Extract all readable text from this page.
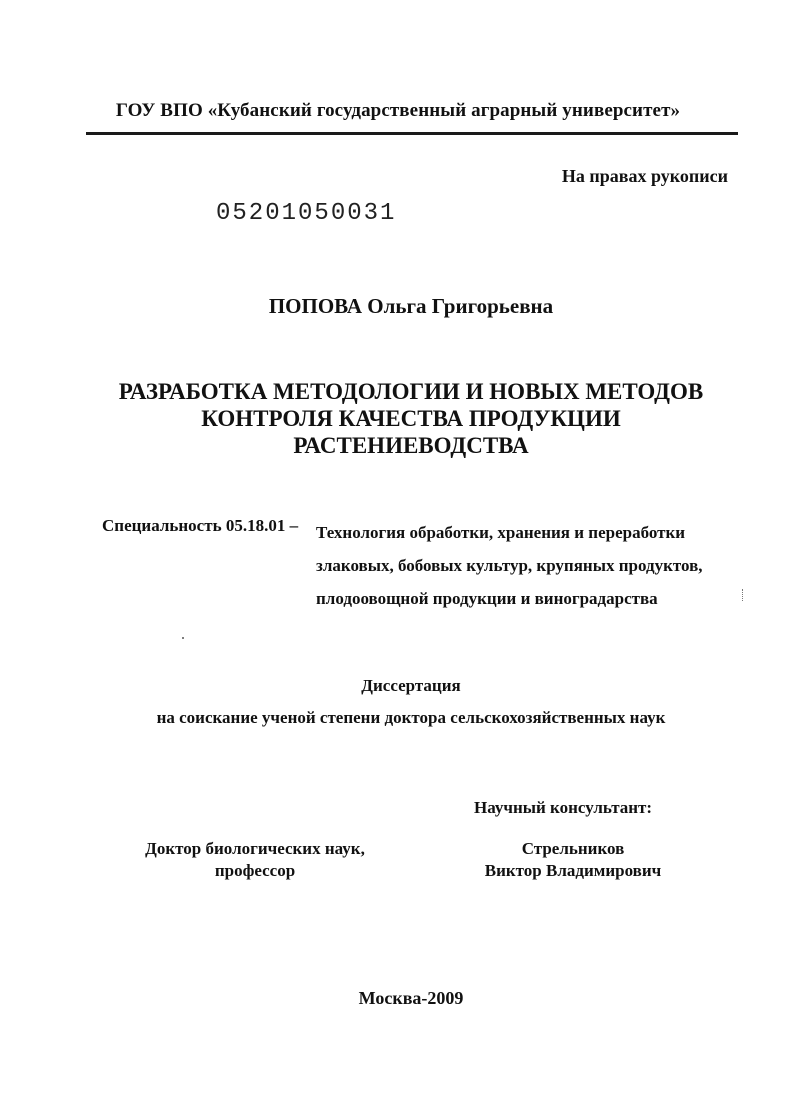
ГОУ ВПО «Кубанский государственный аграрный университет»
На правах рукописи
05201050031
ПОПОВА Ольга Григорьевна
РАЗРАБОТКА МЕТОДОЛОГИИ И НОВЫХ МЕТОДОВ
КОНТРОЛЯ КАЧЕСТВА ПРОДУКЦИИ
РАСТЕНИЕВОДСТВА
Специальность 05.18.01 – Технология обработки, хранения и переработки
злаковых, бобовых культур, крупяных продуктов,
плодоовощной продукции и виноградарства
Диссертация
на соискание ученой степени доктора сельскохозяйственных наук
Научный консультант:
Доктор биологических наук,
профессор
Стрельников
Виктор Владимирович
Москва-2009
